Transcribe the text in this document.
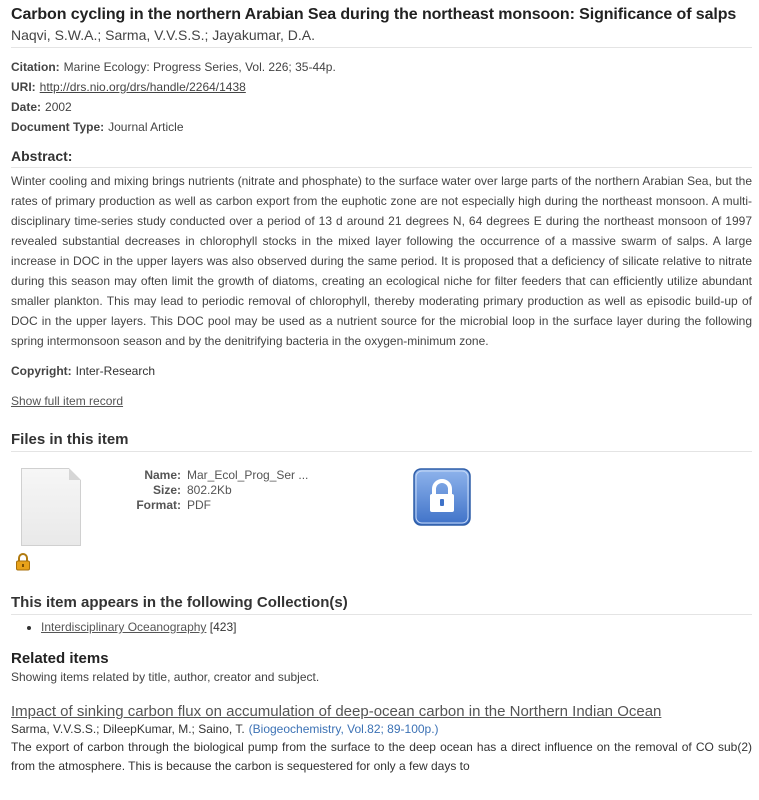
Carbon cycling in the northern Arabian Sea during the northeast monsoon: Significance of salps
Naqvi, S.W.A.; Sarma, V.V.S.S.; Jayakumar, D.A.
Citation: Marine Ecology: Progress Series, Vol. 226; 35-44p.
URI: http://drs.nio.org/drs/handle/2264/1438
Date: 2002
Document Type: Journal Article
Abstract:
Winter cooling and mixing brings nutrients (nitrate and phosphate) to the surface water over large parts of the northern Arabian Sea, but the rates of primary production as well as carbon export from the euphotic zone are not especially high during the northeast monsoon. A multi-disciplinary time-series study conducted over a period of 13 d around 21 degrees N, 64 degrees E during the northeast monsoon of 1997 revealed substantial decreases in chlorophyll stocks in the mixed layer following the occurrence of a massive swarm of salps. A large increase in DOC in the upper layers was also observed during the same period. It is proposed that a deficiency of silicate relative to nitrate during this season may often limit the growth of diatoms, creating an ecological niche for filter feeders that can efficiently utilize abundant smaller plankton. This may lead to periodic removal of chlorophyll, thereby moderating primary production as well as episodic build-up of DOC in the upper layers. This DOC pool may be used as a nutrient source for the microbial loop in the surface layer during the following spring intermonsoon season and by the denitrifying bacteria in the oxygen-minimum zone.
Copyright: Inter-Research
Show full item record
Files in this item
Name: Mar_Ecol_Prog_Ser ...
Size: 802.2Kb
Format: PDF
This item appears in the following Collection(s)
• Interdisciplinary Oceanography [423]
Related items
Showing items related by title, author, creator and subject.
Impact of sinking carbon flux on accumulation of deep-ocean carbon in the Northern Indian Ocean
Sarma, V.V.S.S.; DileepKumar, M.; Saino, T. (Biogeochemistry, Vol.82; 89-100p.)
The export of carbon through the biological pump from the surface to the deep ocean has a direct influence on the removal of CO sub(2) from the atmosphere. This is because the carbon is sequestered for only a few days to
